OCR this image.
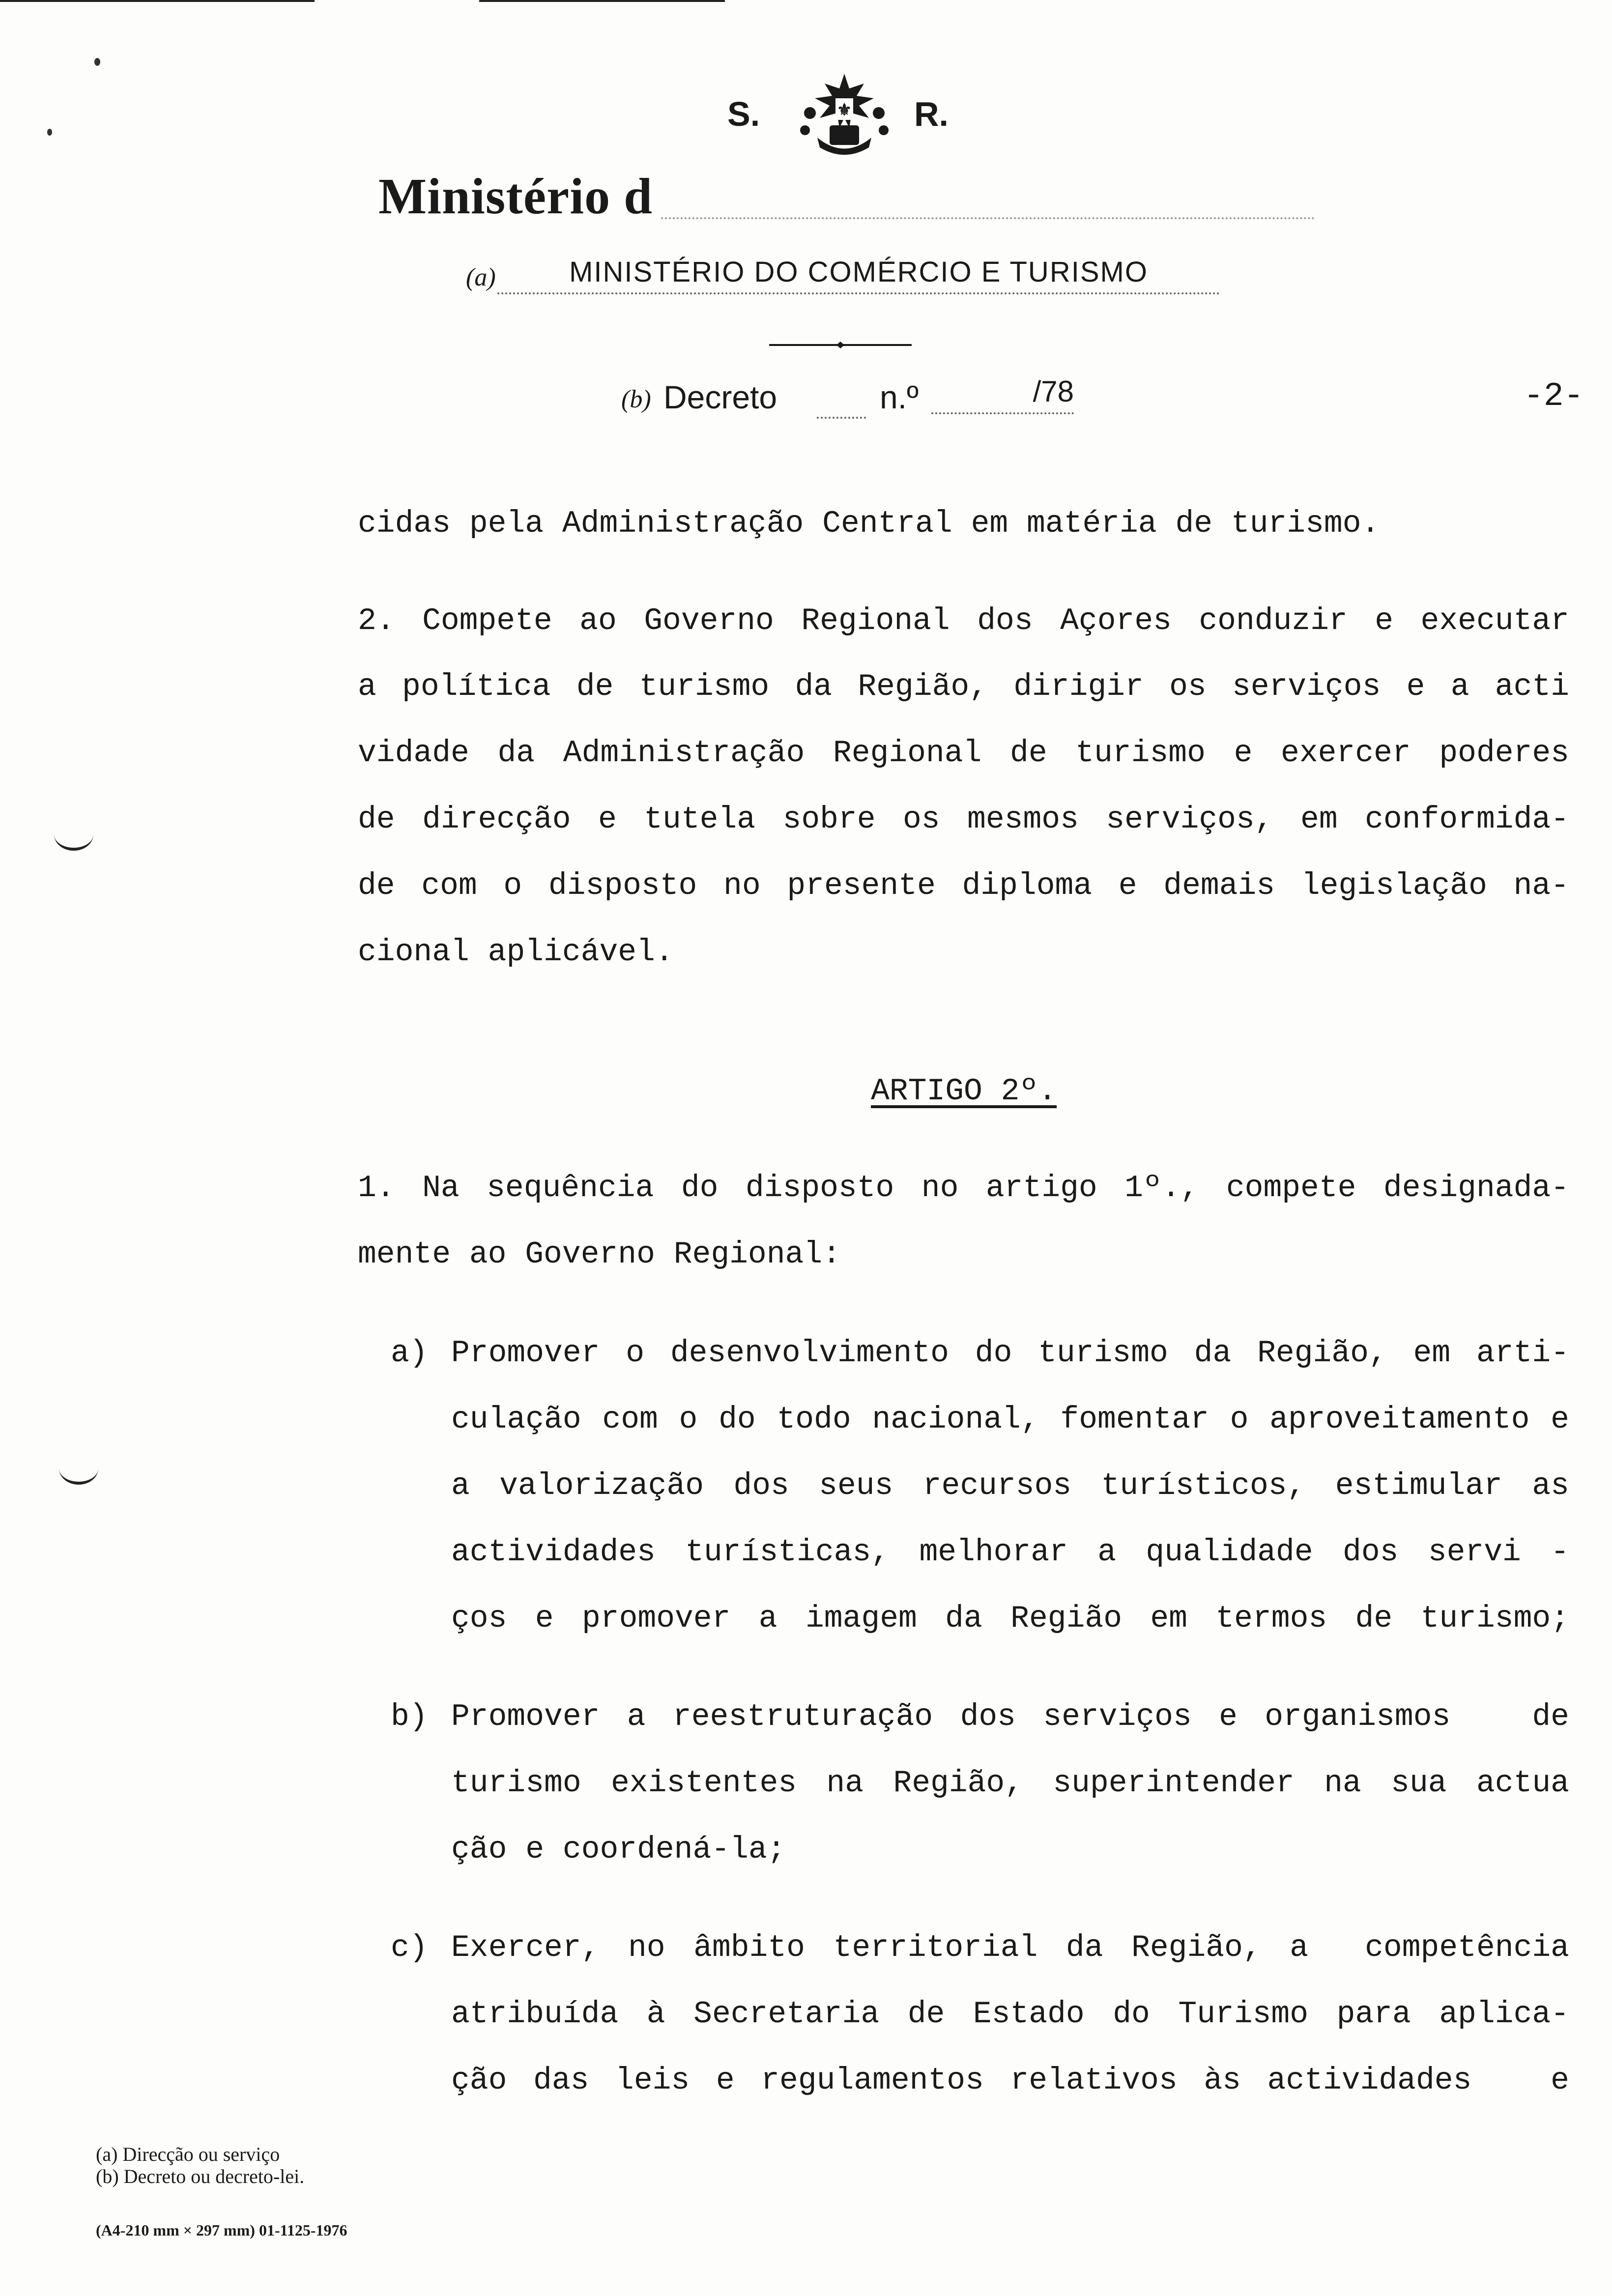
S.	⚜ R.
Ministério d
(a)	MINISTÉRIO DO COMÉRCIO E TURISMO
(b) Decreto	n.º	/78	-2-
cidas pela Administração Central em matéria de turismo.
2. Compete ao Governo Regional dos Açores conduzir e executar
a política de turismo da Região, dirigir os serviços e a acti
vidade da Administração Regional de turismo e exercer poderes
de direcção e tutela sobre os mesmos serviços, em conformida-
de com o disposto no presente diploma e demais legislação na-
cional aplicável.
ARTIGO 2º.
1. Na sequência do disposto no artigo 1º., compete designada-
mente ao Governo Regional:
a) Promover o desenvolvimento do turismo da Região, em arti-
culação com o do todo nacional, fomentar o aproveitamento e
a valorização dos seus recursos turísticos, estimular as
actividades turísticas, melhorar a qualidade dos servi -
ços e promover a imagem da Região em termos de turismo;
b) Promover a reestruturação dos serviços e organismos   de
turismo existentes na Região, superintender na sua actua
ção e coordená-la;
c) Exercer, no âmbito territorial da Região, a  competência
atribuída à Secretaria de Estado do Turismo para aplica-
ção das leis e regulamentos relativos às actividades   e
(a) Direcção ou serviço
(b) Decreto ou decreto-lei.
(A4-210 mm × 297 mm) 01-1125-1976
